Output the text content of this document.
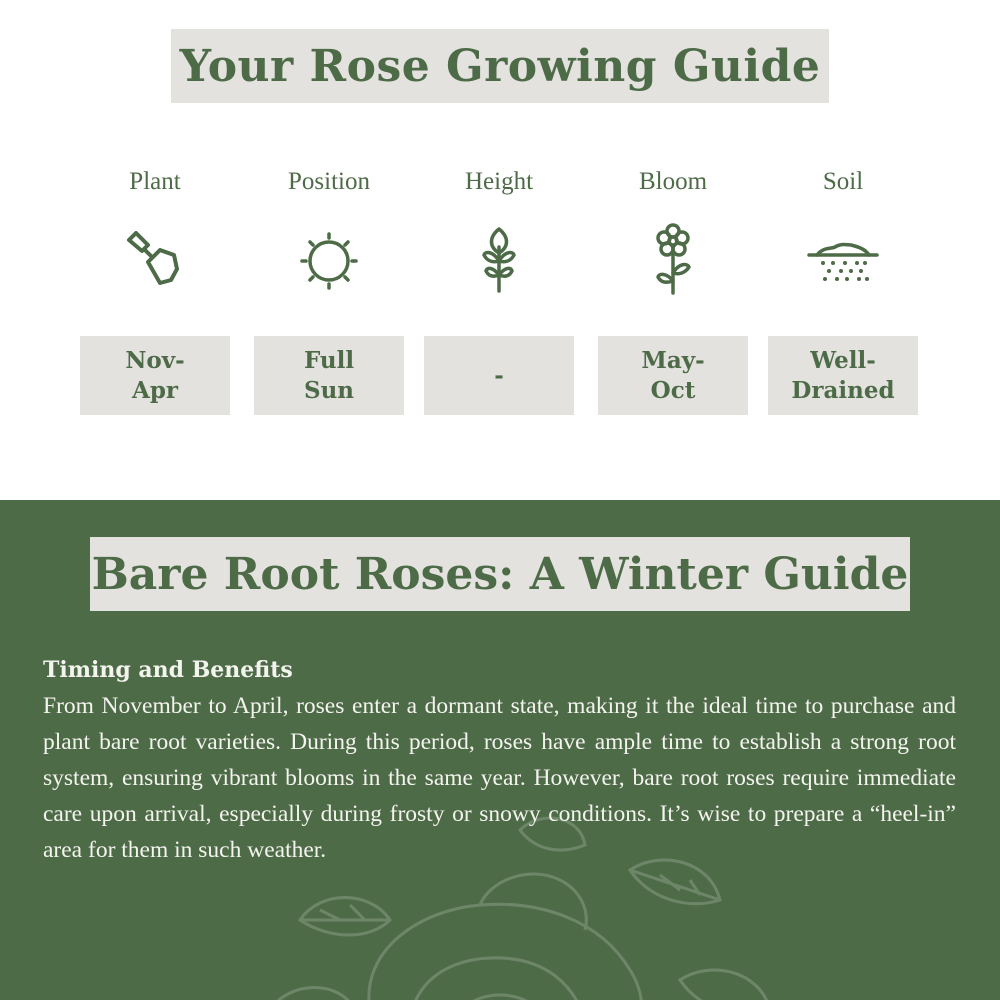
Your Rose Growing Guide
Plant
Nov-
Apr
Position
Full
Sun
Height
-
Bloom
May-
Oct
Soil
Well-
Drained
Bare Root Roses: A Winter Guide
Timing and Benefits

From November to April, roses enter a dormant state, making it the ideal time to purchase and plant bare root varieties. During this period, roses have ample time to establish a strong root system, ensuring vibrant blooms in the same year. However, bare root roses require immediate care upon arrival, especially during frosty or snowy conditions. It’s wise to prepare a “heel-in” area for them in such weather.
